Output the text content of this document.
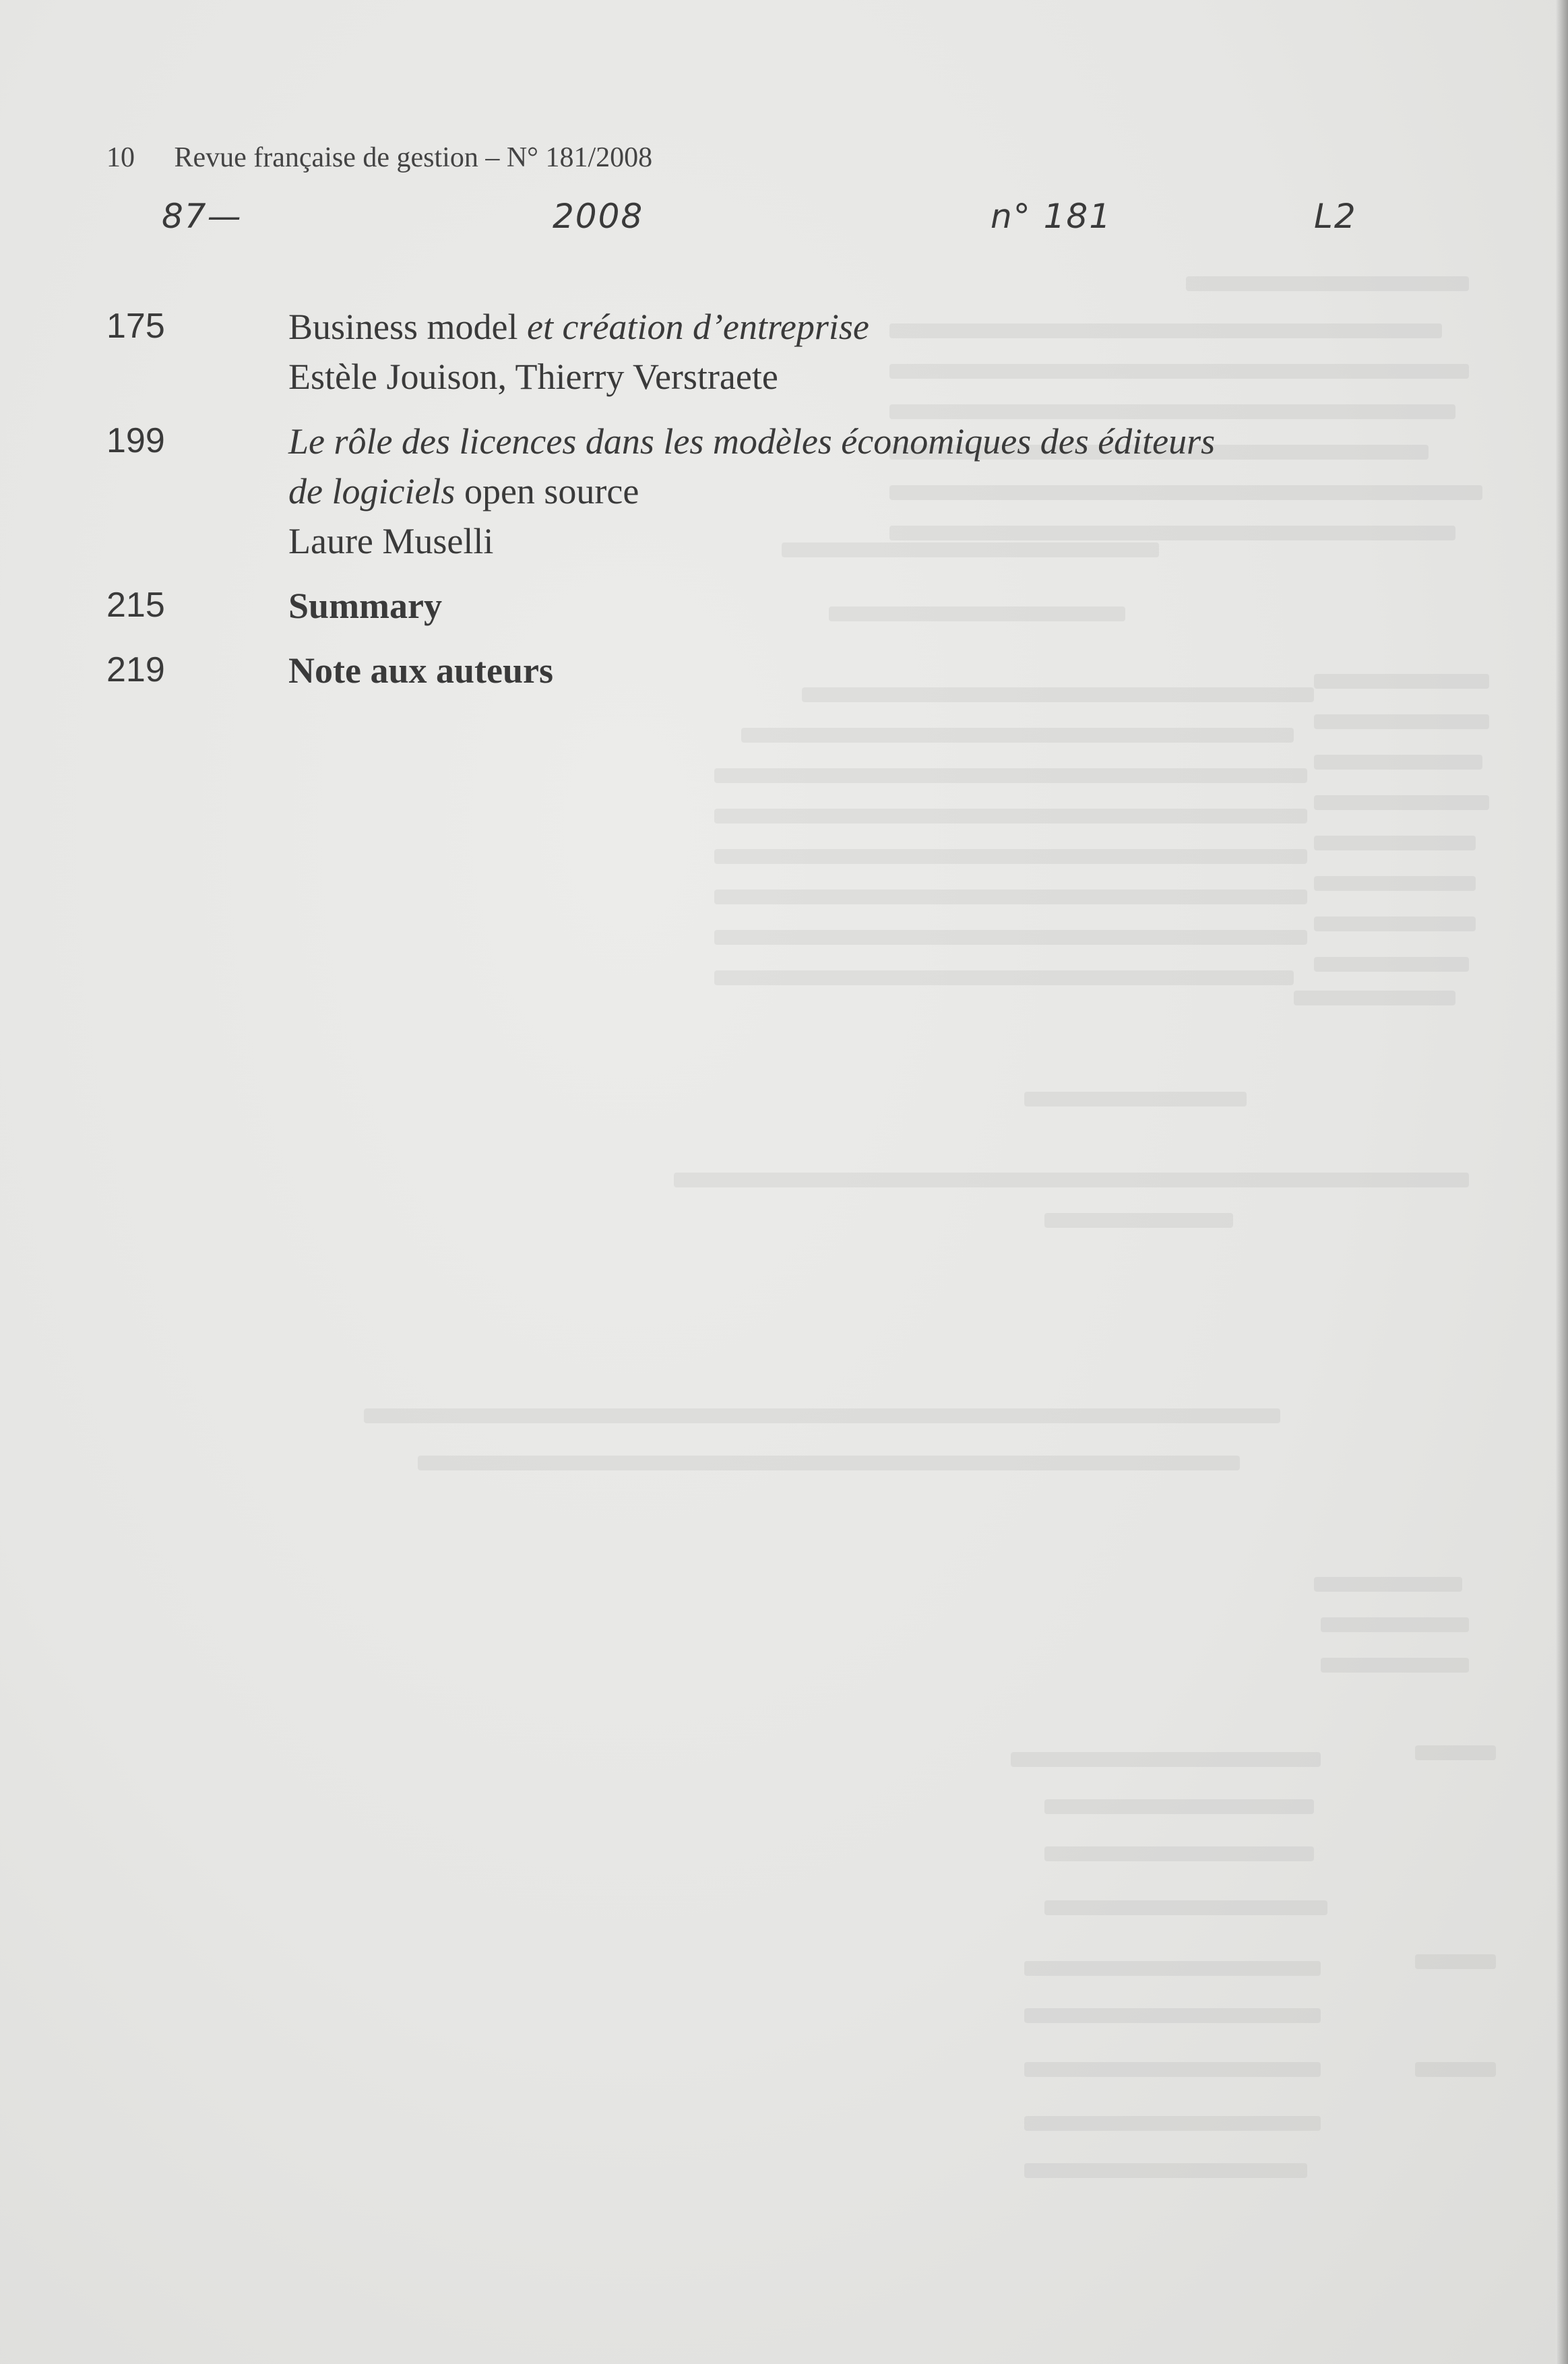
10 Revue française de gestion – N° 181/2008
87—	2008	n° 181	L2
175	Business model et création d’entreprise
Estèle Jouison, Thierry Verstraete
199	Le rôle des licences dans les modèles économiques des éditeurs
de logiciels open source
Laure Muselli
215	Summary
219	Note aux auteurs
